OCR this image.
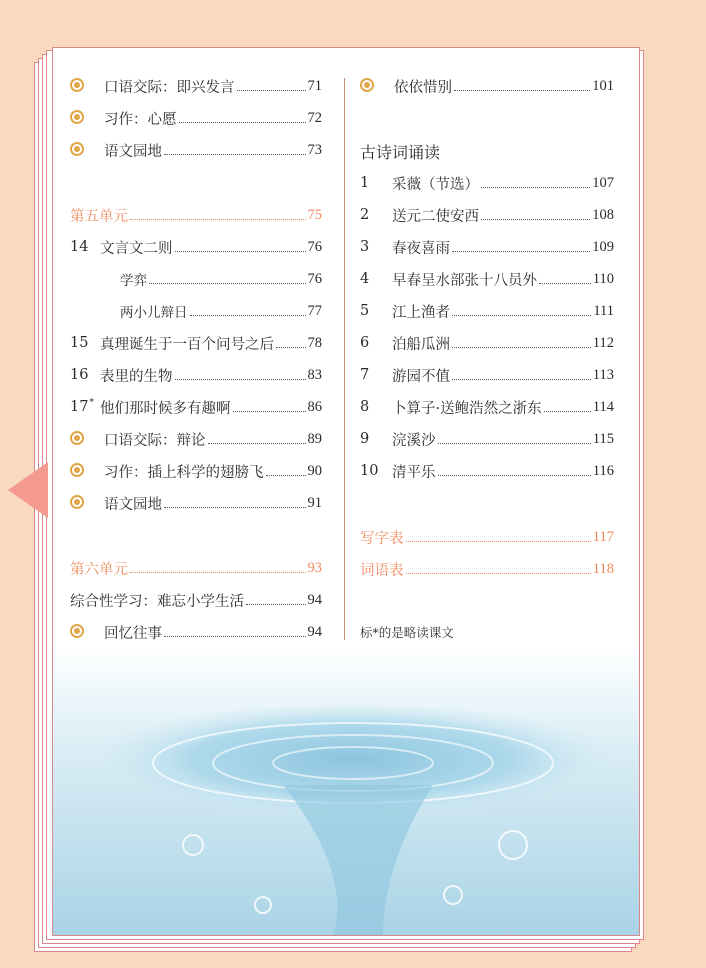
口语交际：即兴发言	71
习作：心愿	72
语文园地	73
第五单元	75
14 文言文二则	76
学弈	76
两小儿辩日	77
15 真理诞生于一百个问号之后 78
16 表里的生物	83
17* 他们那时候多有趣啊	86
口语交际：辩论	89
习作：插上科学的翅膀飞	90
语文园地	91
第六单元	93
综合性学习：难忘小学生活	94
回忆往事	94
依依惜别	101
古诗词诵读
1	采薇（节选）	107
2	送元二使安西	108
3	春夜喜雨	109
4	早春呈水部张十八员外	110
5	江上渔者	111
6	泊船瓜洲	112
7	游园不值	113
8	卜算子·送鲍浩然之浙东	114
9	浣溪沙	115
10 清平乐	116
写字表	117
词语表	118
标*的是略读课文
